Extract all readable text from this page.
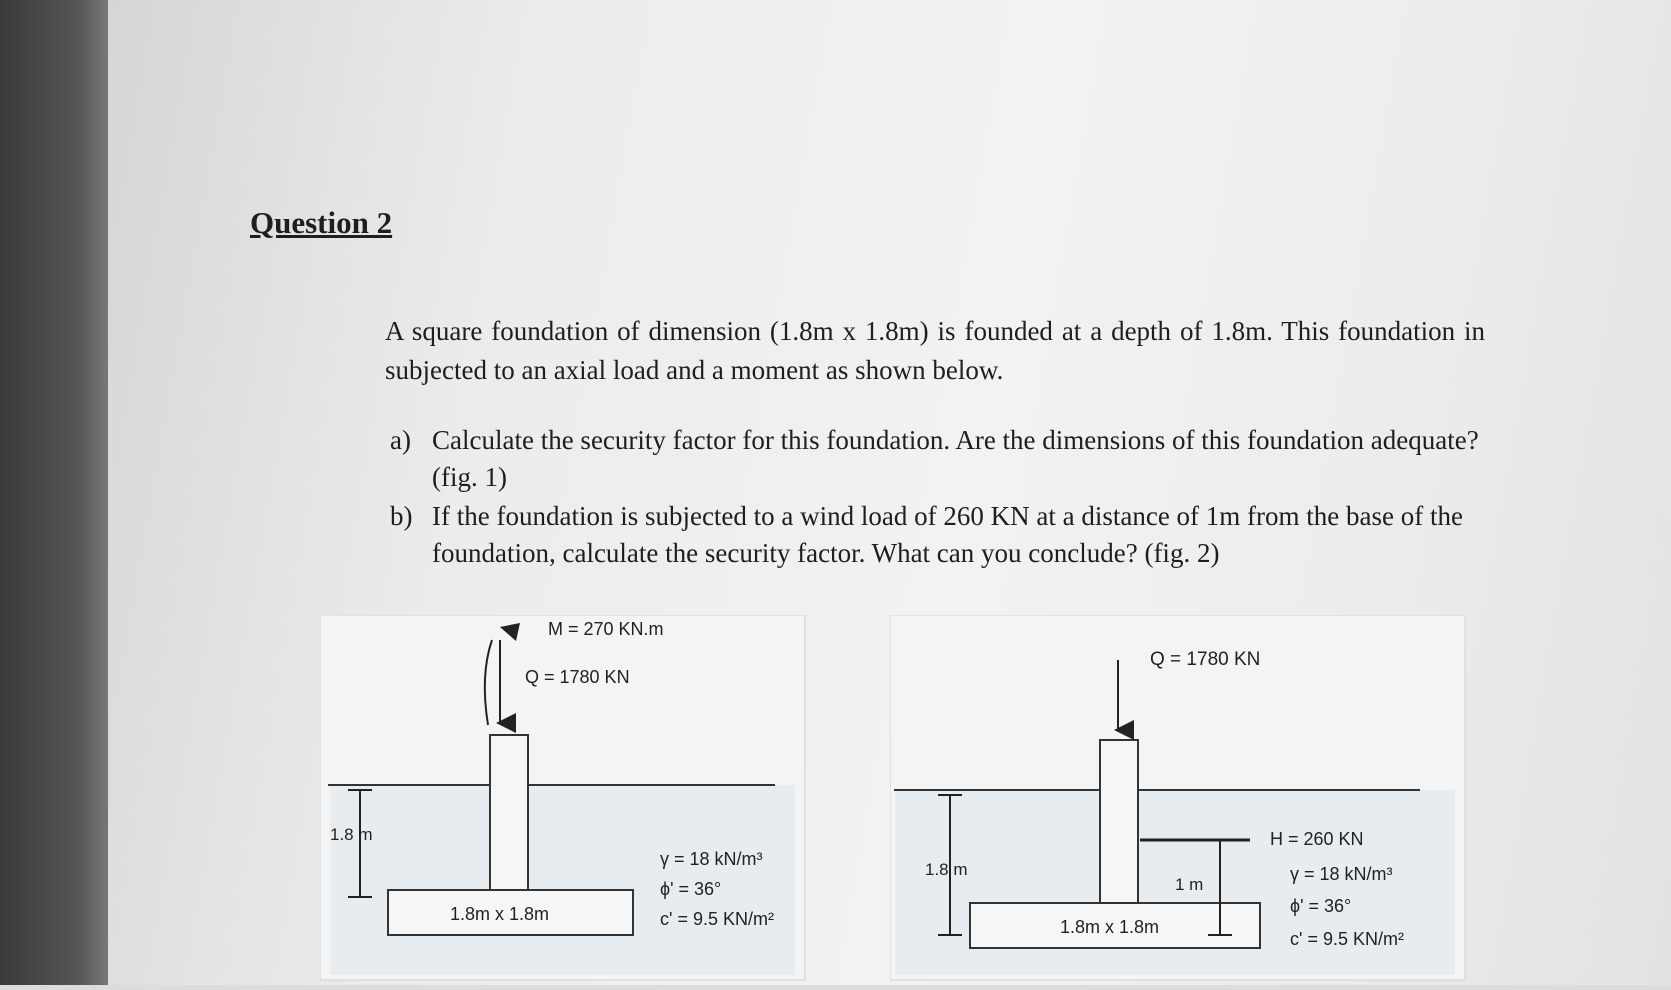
Question 2
A square foundation of dimension (1.8m x 1.8m) is founded at a depth of 1.8m. This foundation in subjected to an axial load and a moment as shown below.
a) Calculate the security factor for this foundation. Are the dimensions of this foundation adequate? (fig. 1)
b) If the foundation is subjected to a wind load of 260 KN at a distance of 1m from the base of the foundation, calculate the security factor. What can you conclude? (fig. 2)
M = 270 KN.m
Q = 1780 KN
1.8 m
1.8m x 1.8m
γ = 18 kN/m³
ϕ' = 36°
c' = 9.5 KN/m²
Q = 1780 KN
H = 260 KN
1.8 m
1 m
1.8m x 1.8m
γ = 18 kN/m³
ϕ' = 36°
c' = 9.5 KN/m²
